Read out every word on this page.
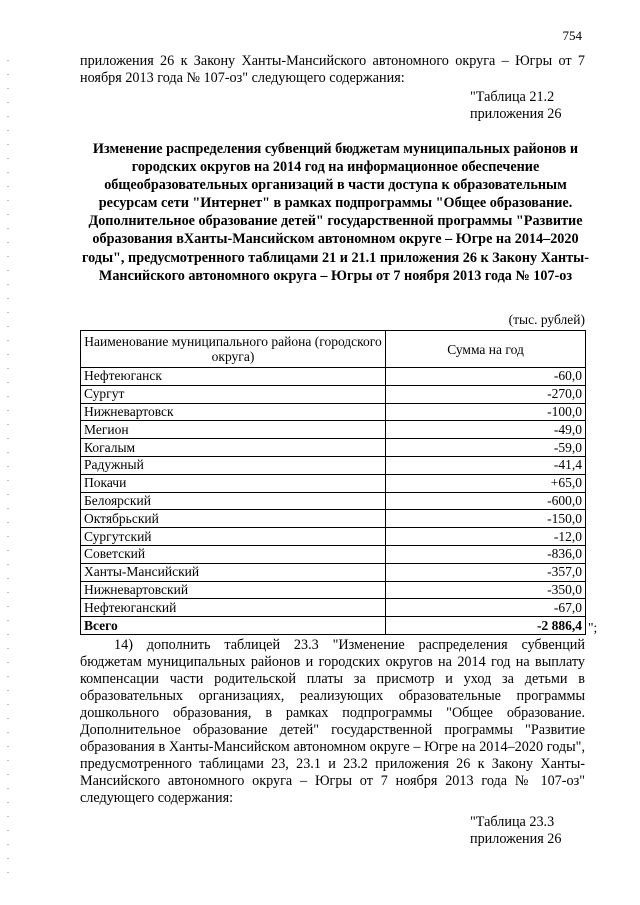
754

приложения 26 к Закону Ханты-Мансийского автономного округа – Югры от 7 ноября 2013 года № 107-оз" следующего содержания:

"Таблица 21.2
приложения 26

Изменение распределения субвенций бюджетам муниципальных районов и городских округов на 2014 год на информационное обеспечение общеобразовательных организаций в части доступа к образовательным ресурсам сети "Интернет" в рамках подпрограммы "Общее образование. Дополнительное образование детей" государственной программы "Развитие образования вХанты-Мансийском автономном округе – Югре на 2014–2020 годы", предусмотренного таблицами 21 и 21.1 приложения 26 к Закону Ханты-Мансийского автономного округа – Югры от 7 ноября 2013 года № 107-оз

(тыс. рублей)
Наименование муниципального района (городского округа)	Сумма на год
Нефтеюганск	-60,0
Сургут	-270,0
Нижневартовск	-100,0
Мегион	-49,0
Когалым	-59,0
Радужный	-41,4
Покачи	+65,0
Белоярский	-600,0
Октябрьский	-150,0
Сургутский	-12,0
Советский	-836,0
Ханты-Мансийский	-357,0
Нижневартовский	-350,0
Нефтеюганский	-67,0
Всего	-2 886,4 ";

14) дополнить таблицей 23.3 "Изменение распределения субвенций бюджетам муниципальных районов и городских округов на 2014 год на выплату компенсации части родительской платы за присмотр и уход за детьми в образовательных организациях, реализующих образовательные программы дошкольного образования, в рамках подпрограммы "Общее образование. Дополнительное образование детей" государственной программы "Развитие образования в Ханты-Мансийском автономном округе – Югре на 2014–2020 годы", предусмотренного таблицами 23, 23.1 и 23.2 приложения 26 к Закону Ханты-Мансийского автономного округа – Югры от 7 ноября 2013 года № 107-оз" следующего содержания:

"Таблица 23.3
приложения 26
